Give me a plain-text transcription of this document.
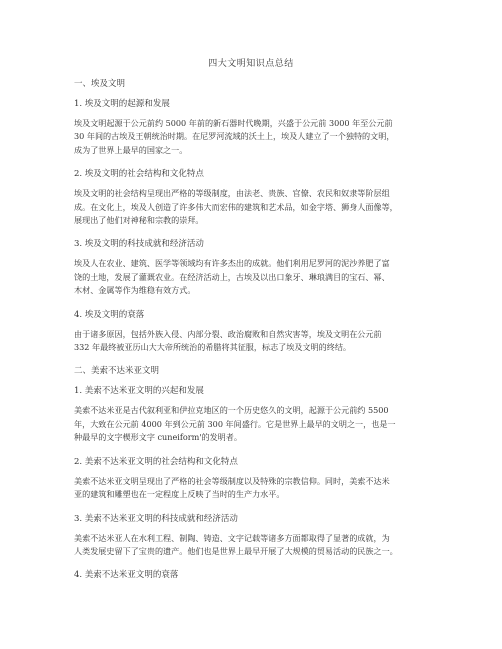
四大文明知识点总结
一、埃及文明
1. 埃及文明的起源和发展
埃及文明起源于公元前约 5000 年前的新石器时代晚期，兴盛于公元前 3000 年至公元前
30 年间的古埃及王朝统治时期。在尼罗河流域的沃土上，埃及人建立了一个独特的文明，
成为了世界上最早的国家之一。
2. 埃及文明的社会结构和文化特点
埃及文明的社会结构呈现出严格的等级制度，由法老、贵族、官僚、农民和奴隶等阶层组
成。在文化上，埃及人创造了许多伟大而宏伟的建筑和艺术品，如金字塔、狮身人面像等，
展现出了他们对神秘和宗教的崇拜。
3. 埃及文明的科技成就和经济活动
埃及人在农业、建筑、医学等领域均有许多杰出的成就。他们利用尼罗河的泥沙养肥了富
饶的土地，发展了灌溉农业。在经济活动上，古埃及以出口象牙、琳琅满目的宝石、幂、
木材、金属等作为维稳有效方式。
4. 埃及文明的衰落
由于诸多原因，包括外族入侵、内部分裂、政治腐败和自然灾害等，埃及文明在公元前
332 年最终被亚历山大大帝所统治的希腊将其征服，标志了埃及文明的终结。
二、美索不达米亚文明
1. 美索不达米亚文明的兴起和发展
美索不达米亚是古代叙利亚和伊拉克地区的一个历史悠久的文明，起源于公元前约 5500
年，大致在公元前 4000 年到公元前 300 年间盛行。它是世界上最早的文明之一，也是一
种最早的文字楔形文字 cuneiform'的发明者。
2. 美索不达米亚文明的社会结构和文化特点
美索不达米亚文明呈现出了严格的社会等级制度以及特殊的宗教信仰。同时，美索不达米
亚的建筑和雕塑也在一定程度上反映了当时的生产力水平。
3. 美索不达米亚文明的科技成就和经济活动
美索不达米亚人在水利工程、制陶、铸造、文字记载等诸多方面都取得了显著的成就，为
人类发展史留下了宝贵的遗产。他们也是世界上最早开展了大规模的贸易活动的民族之一。
4. 美索不达米亚文明的衰落
